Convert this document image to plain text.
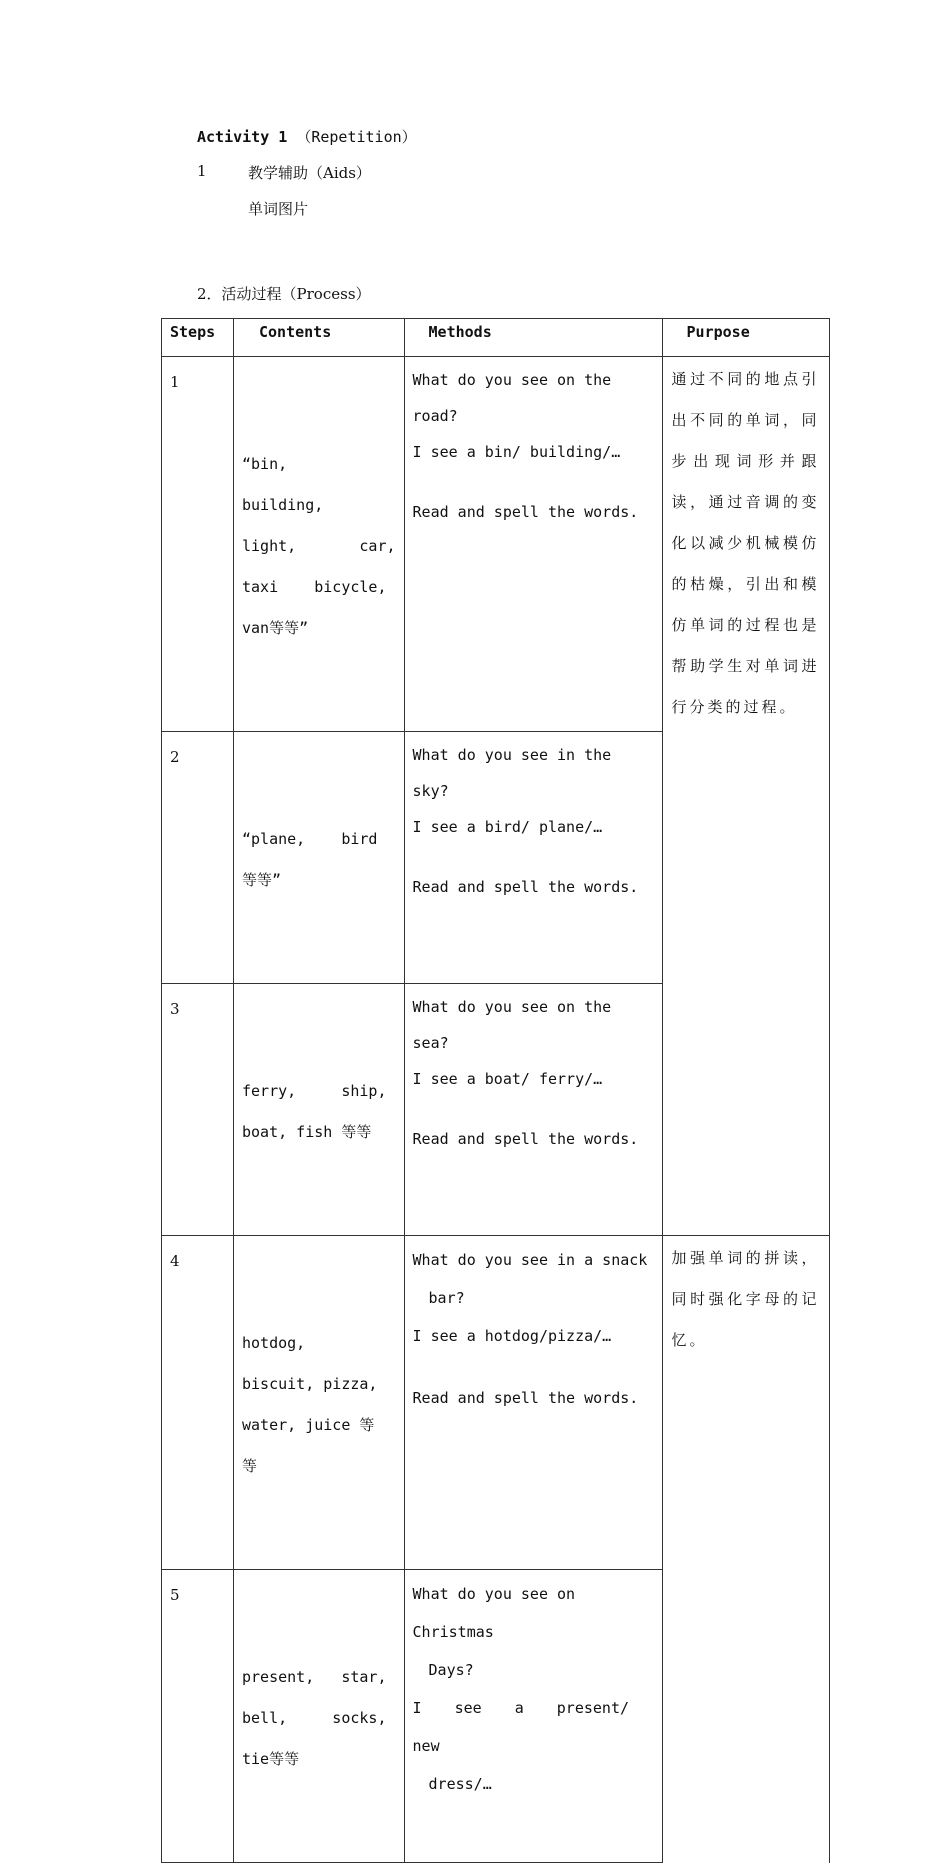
Activity 1 （Repetition）
1	教学辅助（Aids）
单词图片
2．活动过程（Process）
Steps	Contents	Methods	Purpose

1	“bin,
building,
light,       car,
taxi    bicycle,
van等等”	What do you see on the road?
I see a bin/ building/…
Read and spell the words.	通过不同的地点引出不同的单词，同步出现词形并跟读，通过音调的变化以减少机械模仿的枯燥，引出和模仿单词的过程也是帮助学生对单词进行分类的过程。

2	“plane,    bird
等等”	What do you see in the sky?
I see a bird/ plane/…
Read and spell the words.	

3	ferry,     ship,
boat, fish 等等	What do you see on the sea?
I see a boat/ ferry/…
Read and spell the words.	

4	hotdog,
biscuit, pizza,
water, juice 等
等	What do you see in a snack
bar?
I see a hotdog/pizza/…
Read and spell the words.	加强单词的拼读，同时强化字母的记忆。

5	present,   star,
bell,     socks,
tie等等	What do you see on Christmas
Days?
I see a present/ new
dress/…	
